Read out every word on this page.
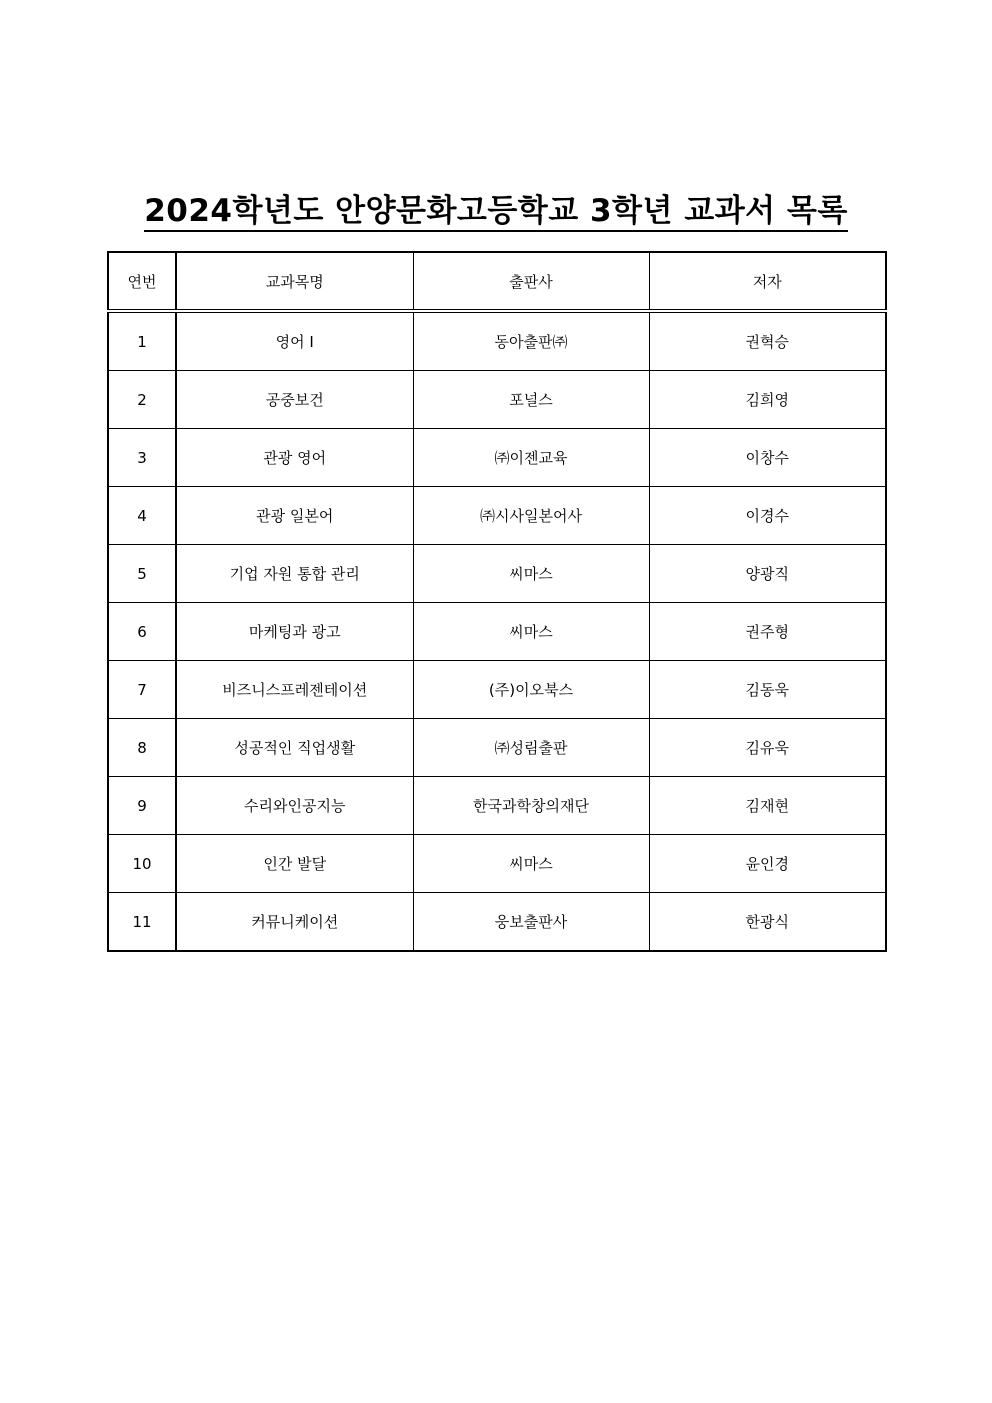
2024학년도 안양문화고등학교 3학년 교과서 목록
연번	교과목명	출판사	저자
1	영어 I	동아출판㈜	권혁승
2	공중보건	포널스	김희영
3	관광 영어	㈜이젠교육	이창수
4	관광 일본어	㈜시사일본어사	이경수
5	기업 자원 통합 관리	씨마스	양광직
6	마케팅과 광고	씨마스	권주형
7	비즈니스프레젠테이션	(주)이오북스	김동욱
8	성공적인 직업생활	㈜성림출판	김유욱
9	수리와인공지능	한국과학창의재단	김재현
10	인간 발달	씨마스	윤인경
11	커뮤니케이션	웅보출판사	한광식
